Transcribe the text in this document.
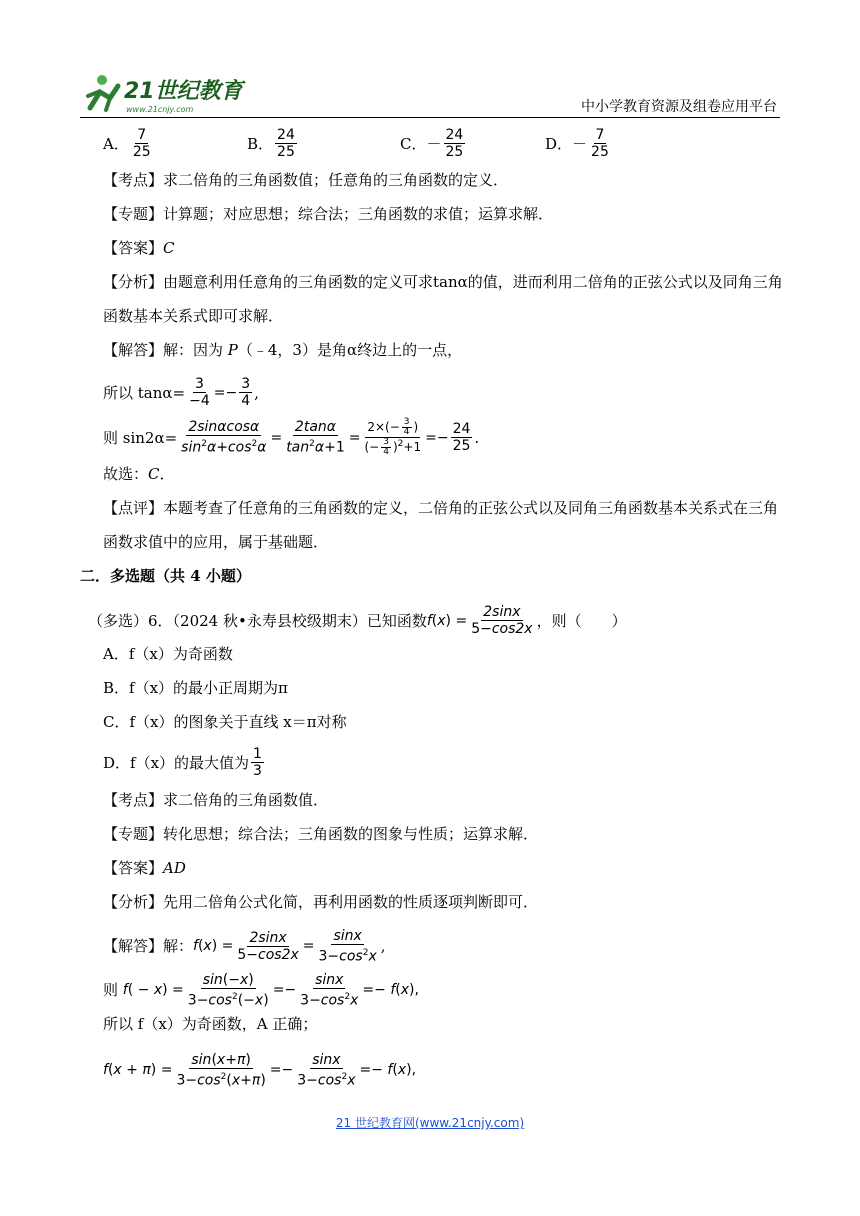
21世纪教育
www.21cnjy.com	中小学教育资源及组卷应用平台
A． $\frac{7}{25}$	B． $\frac{24}{25}$	C． － $\frac{24}{25}$	D． － $\frac{7}{25}$
【考点】求二倍角的三角函数值；任意角的三角函数的定义．
【专题】计算题；对应思想；综合法；三角函数的求值；运算求解．
【答案】C
【分析】由题意利用任意角的三角函数的定义可求tanα的值，进而利用二倍角的正弦公式以及同角三角
函数基本关系式即可求解．
【解答】解：因为 P（﹣4，3）是角α终边上的一点，
所以 $\tan\alpha= \frac{3}{-4} =- \frac{3}{4}$ ,
则 $\sin 2\alpha= \frac{2\sin\alpha\cos\alpha}{\sin^2\alpha+\cos^2\alpha} = \frac{2\tan\alpha}{\tan^2\alpha+1} = \frac{2\times(- \frac{3}{4} )}{(- \frac{3}{4} )^2+1} =- \frac{24}{25}$ .
故选：C．
【点评】本题考查了任意角的三角函数的定义，二倍角的正弦公式以及同角三角函数基本关系式在三角
函数求值中的应用，属于基础题．
二．多选题（共 4 小题）
（多选）6．（2024 秋•永寿县校级期末）已知函数 $f(x) = \frac{2\sin x}{5-\cos 2x}$ ，则（　　）
A．f（x）为奇函数
B．f（x）的最小正周期为π
C．f（x）的图象关于直线 x＝π对称
D．f（x）的最大值为 $\frac{1}{3}$
【考点】求二倍角的三角函数值．
【专题】转化思想；综合法；三角函数的图象与性质；运算求解．
【答案】AD
【分析】先用二倍角公式化简，再利用函数的性质逐项判断即可．
【解答】解： $f(x) = \frac{2\sin x}{5-\cos 2x} = \frac{\sin x}{3-\cos^2x}$ ,
则
$f( - x) = \frac{\sin(-x)}{3-\cos^2(-x)} =- \frac{\sin x}{3-\cos^2x} =- f(x)$,
所以 f（x）为奇函数，A 正确；
$f(x + \pi) = \frac{\sin(x+\pi)}{3-\cos^2(x+\pi)} =- \frac{\sin x}{3-\cos^2x} =- f(x)$,
21 世纪教育网(www.21cnjy.com)
